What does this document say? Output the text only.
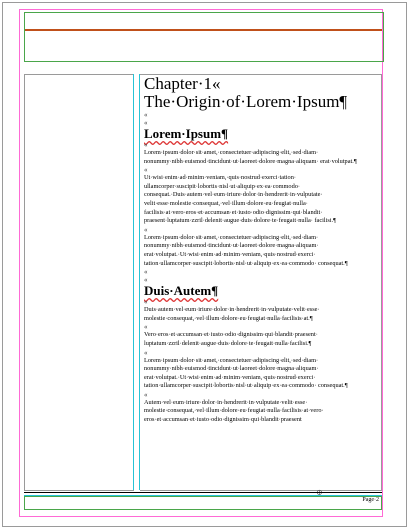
Chapter·1«
The·Origin·of·Lorem·Ipsum¶
«
«
Lorem·Ipsum¶
«

Lorem·ipsum·dolor·sit·amet,·consectetuer·adipiscing·elit,·sed·diam· nonummy·nibh·euismod·tincidunt·ut·laoreet·dolore·magna·aliquam· erat·volutpat.¶

«

Ut·wisi·enim·ad·minim·veniam,·quis·nostrud·exerci·tation· ullamcorper·suscipit·lobortis·nisl·ut·aliquip·ex·ea·commodo· consequat.·Duis·autem·vel·eum·iriure·dolor·in·hendrerit·in·vulputate· velit·esse·molestie·consequat,·vel·illum·dolore·eu·feugiat·nulla· facilisis·at·vero·eros·et·accumsan·et·iusto·odio·dignissim·qui·blandit· praesent·luptatum·zzril·delenit·augue·duis·dolore·te·feugait·nulla· facilisi.¶

«

Lorem·ipsum·dolor·sit·amet,·consectetuer·adipiscing·elit,·sed·diam· nonummy·nibh·euismod·tincidunt·ut·laoreet·dolore·magna·aliquam· erat·volutpat.·Ut·wisi·enim·ad·minim·veniam,·quis·nostrud·exerci· tation·ullamcorper·suscipit·lobortis·nisl·ut·aliquip·ex·ea·commodo· consequat.¶

«
«
Duis·Autem¶
«

Duis·autem·vel·eum·iriure·dolor·in·hendrerit·in·vulputate·velit·esse· molestie·consequat,·vel·illum·dolore·eu·feugiat·nulla·facilisis·at.¶

«

Vero·eros·et·accumsan·et·iusto·odio·dignissim·qui·blandit·praesent· luptatum·zzril·delenit·augue·duis·dolore·te·feugait·nulla·facilisi.¶

«

Lorem·ipsum·dolor·sit·amet,·consectetuer·adipiscing·elit,·sed·diam· nonummy·nibh·euismod·tincidunt·ut·laoreet·dolore·magna·aliquam· erat·volutpat.·Ut·wisi·enim·ad·minim·veniam,·quis·nostrud·exerci· tation·ullamcorper·suscipit·lobortis·nisl·ut·aliquip·ex·ea·commodo· consequat.¶

«

Autem·vel·eum·iriure·dolor·in·hendrerit·in·vulputate·velit·esse· molestie·consequat,·vel·illum·dolore·eu·feugiat·nulla·facilisis·at·vero· eros·et·accumsan·et·iusto·odio·dignissim·qui·blandit·praesent

Page·2
